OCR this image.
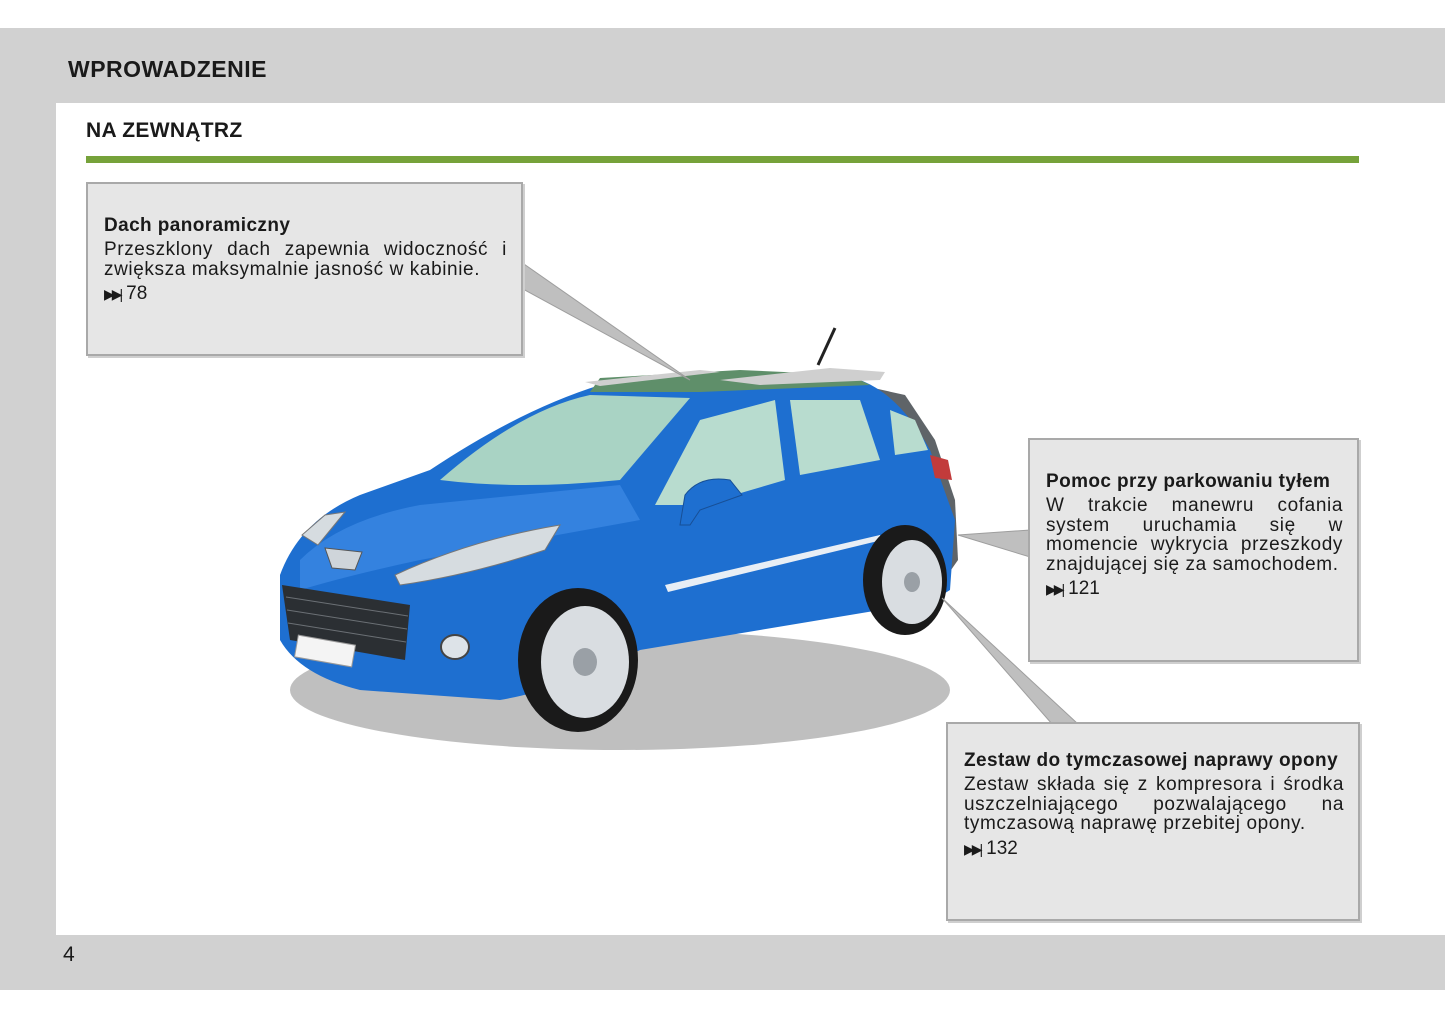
WPROWADZENIE
NA ZEWNĄTRZ
Dach panoramiczny

Przeszklony dach zapewnia widoczność i zwiększa maksymalnie jasność w kabinie.

▶▶| 78
Pomoc przy parkowaniu tyłem

W trakcie manewru cofania system uruchamia się w momencie wykrycia przeszkody znajdującej się za samochodem.

▶▶| 121
Zestaw do tymczasowej naprawy opony

Zestaw składa się z kompresora i środka uszczelniającego pozwalającego na tymczasową naprawę przebitej opony.

▶▶| 132
4
